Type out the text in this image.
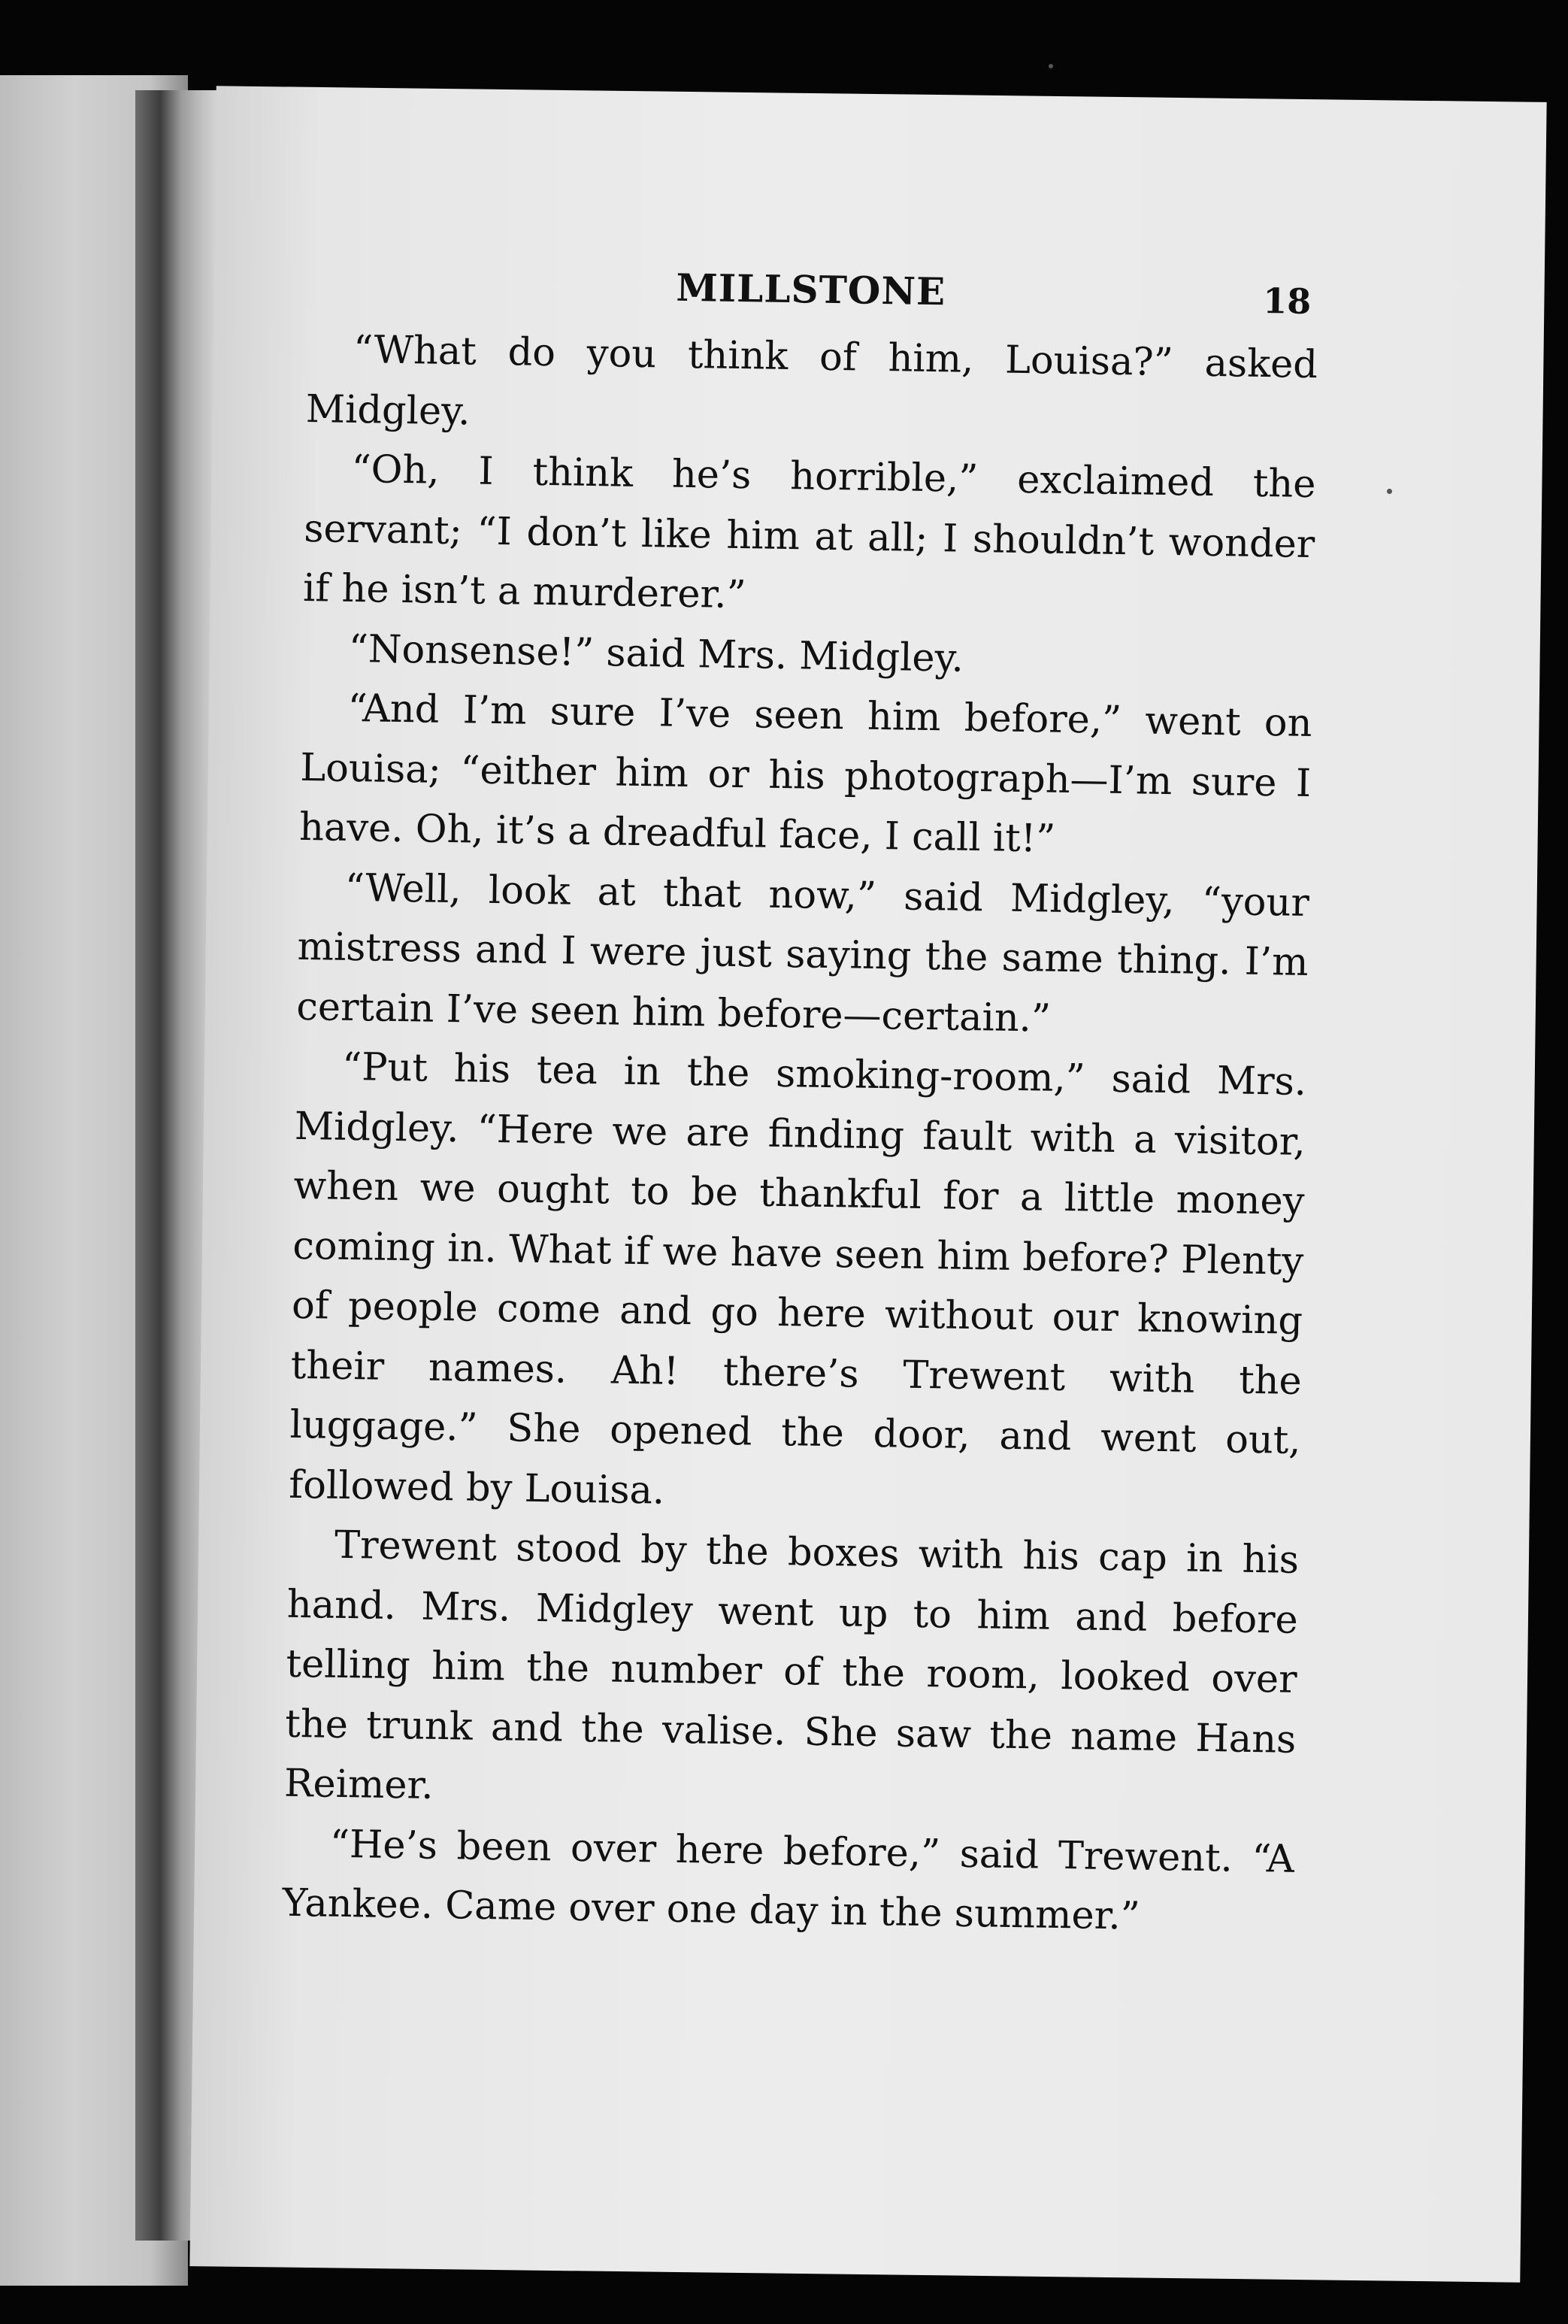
MILLSTONE	18

“What do you think of him, Louisa?” asked Midgley.

“Oh, I think he’s horrible,” exclaimed the servant; “I don’t like him at all; I shouldn’t wonder if he isn’t a murderer.”

“Nonsense!” said Mrs. Midgley.

“And I’m sure I’ve seen him before,” went on Louisa; “either him or his photograph—I’m sure I have. Oh, it’s a dreadful face, I call it!”

“Well, look at that now,” said Midgley, “your mistress and I were just saying the same thing. I’m certain I’ve seen him before—certain.”

“Put his tea in the smoking-room,” said Mrs. Midgley. “Here we are finding fault with a visitor, when we ought to be thankful for a little money coming in. What if we have seen him before? Plenty of people come and go here without our knowing their names. Ah! there’s Trewent with the luggage.” She opened the door, and went out, followed by Louisa.

Trewent stood by the boxes with his cap in his hand. Mrs. Midgley went up to him and before telling him the number of the room, looked over the trunk and the valise. She saw the name Hans Reimer.

“He’s been over here before,” said Trewent. “A Yankee. Came over one day in the summer.”
